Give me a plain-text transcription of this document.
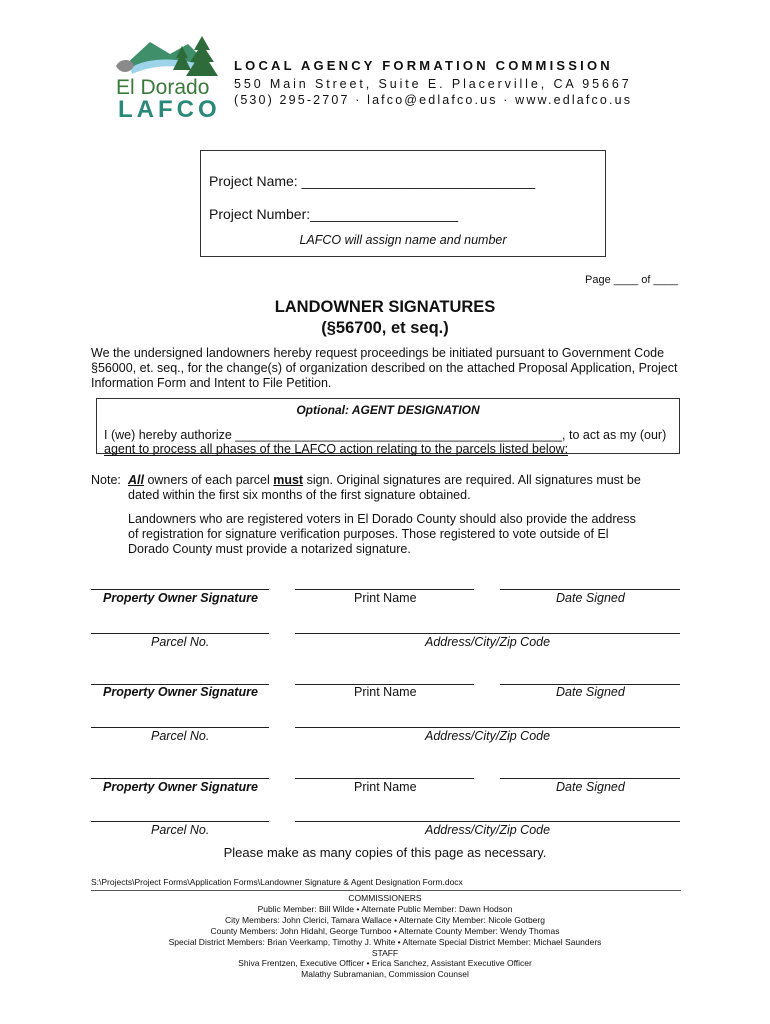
El Dorado
LAFCO
LOCAL AGENCY FORMATION COMMISSION
550 Main Street, Suite E. Placerville, CA 95667
(530) 295-2707 · lafco@edlafco.us · www.edlafco.us
Project Name: ______________________________
Project Number:___________________
LAFCO will assign name and number
Page ____ of ____
LANDOWNER SIGNATURES
(§56700, et seq.)
We the undersigned landowners hereby request proceedings be initiated pursuant to Government Code §56000, et. seq., for the change(s) of organization described on the attached Proposal Application, Project Information Form and Intent to File Petition.
Optional: AGENT DESIGNATION
I (we) hereby authorize _______________________________________________, to act as my (our)
agent to process all phases of the LAFCO action relating to the parcels listed below:
Note: All owners of each parcel must sign. Original signatures are required. All signatures must be dated within the first six months of the first signature obtained.
Landowners who are registered voters in El Dorado County should also provide the address of registration for signature verification purposes. Those registered to vote outside of El Dorado County must provide a notarized signature.
Property Owner Signature	Print Name	Date Signed
Parcel No.	Address/City/Zip Code
Property Owner Signature	Print Name	Date Signed
Parcel No.	Address/City/Zip Code
Property Owner Signature	Print Name	Date Signed
Parcel No.	Address/City/Zip Code
Please make as many copies of this page as necessary.
S:\Projects\Project Forms\Application Forms\Landowner Signature & Agent Designation Form.docx
COMMISSIONERS
Public Member: Bill Wilde • Alternate Public Member: Dawn Hodson
City Members: John Clerici, Tamara Wallace • Alternate City Member: Nicole Gotberg
County Members: John Hidahl, George Turnboo • Alternate County Member: Wendy Thomas
Special District Members: Brian Veerkamp, Timothy J. White • Alternate Special District Member: Michael Saunders
STAFF
Shiva Frentzen, Executive Officer • Erica Sanchez, Assistant Executive Officer
Malathy Subramanian, Commission Counsel
